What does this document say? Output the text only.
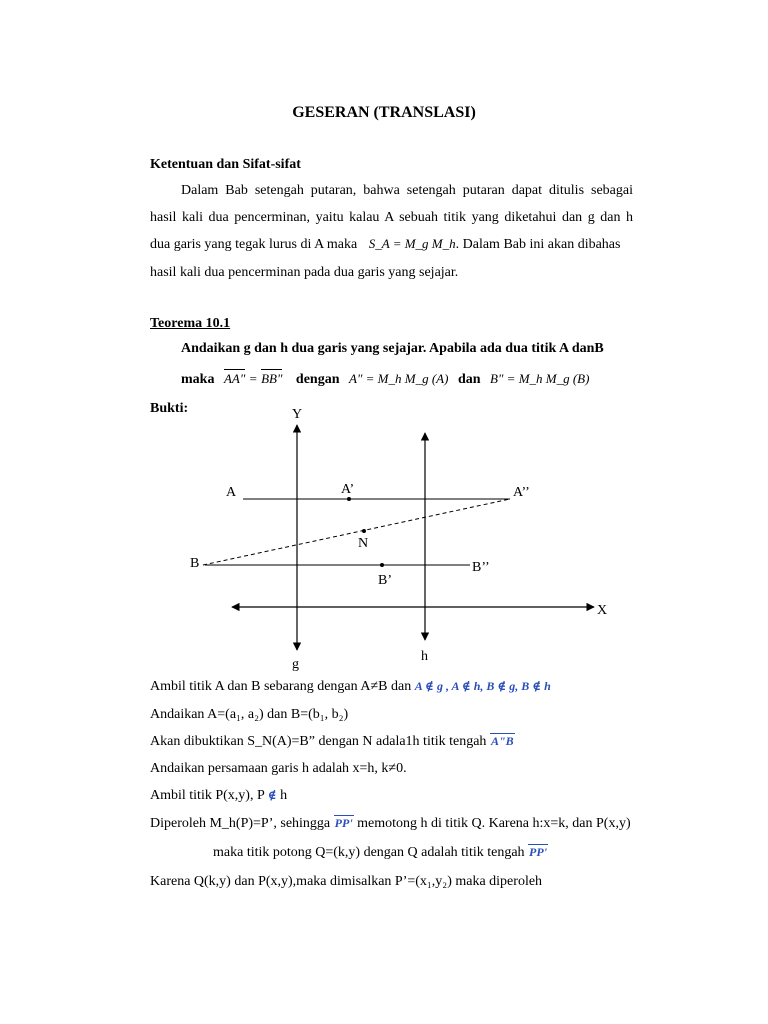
GESERAN (TRANSLASI)
Ketentuan dan Sifat-sifat
Dalam Bab setengah putaran, bahwa setengah putaran dapat ditulis sebagai
hasil kali dua pencerminan, yaitu kalau A sebuah titik yang diketahui dan g dan h
dua garis yang tegak lurus di A maka S_A = M_g M_h. Dalam Bab ini akan dibahas
hasil kali dua pencerminan pada dua garis yang sejajar.
Teorema 10.1
Andaikan g dan h dua garis yang sejajar. Apabila ada dua titik A danB
maka AA" = BB" dengan A" = M_h M_g (A) dan B" = M_h M_g (B)
Bukti:	Y
X
g
h
A	A’	A’’
B
B’
B’’
N
Ambil titik A dan B sebarang dengan A≠B dan A ∉ g , A ∉ h, B ∉ g, B ∉ h
Andaikan A=(a₁, a₂) dan B=(b₁, b₂)
Akan dibuktikan S_N(A)=B” dengan N adala1h titik tengah A"B
Andaikan persamaan garis h adalah x=h, k≠0.
Ambil titik P(x,y), P ∉ h
Diperoleh M_h(P)=P’, sehingga PP' memotong h di titik Q. Karena h:x=k, dan P(x,y)
maka titik potong Q=(k,y) dengan Q adalah titik tengah PP'
Karena Q(k,y) dan P(x,y),maka dimisalkan P’=(x₁,y₂) maka diperoleh
